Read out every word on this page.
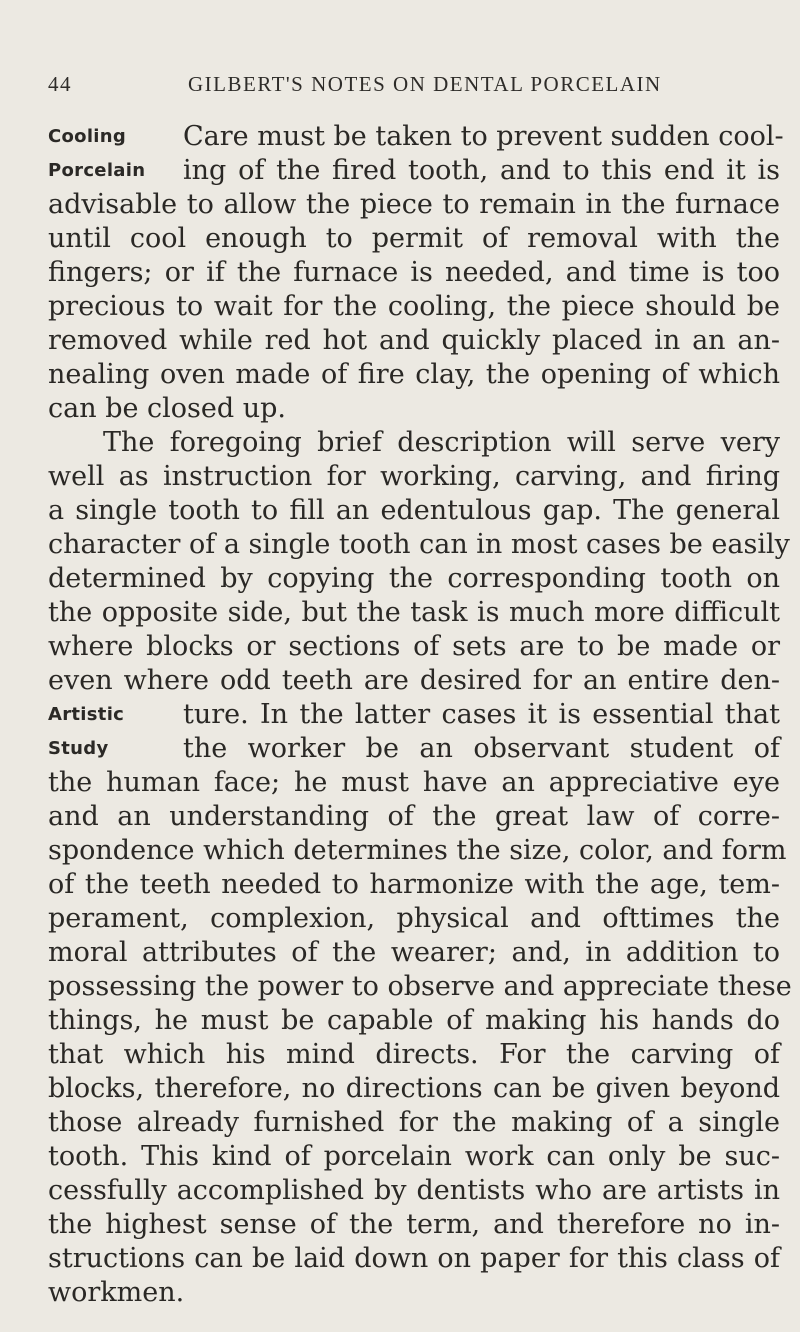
44	GILBERT'S NOTES ON DENTAL PORCELAIN
Cooling
Porcelain
Artistic
Study
Care must be taken to prevent sudden cool-
ing of the fired tooth, and to this end it is
advisable to allow the piece to remain in the furnace
until cool enough to permit of removal with the
fingers; or if the furnace is needed, and time is too
precious to wait for the cooling, the piece should be
removed while red hot and quickly placed in an an-
nealing oven made of fire clay, the opening of which
can be closed up.
The foregoing brief description will serve very
well as instruction for working, carving, and firing
a single tooth to fill an edentulous gap. The general
character of a single tooth can in most cases be easily
determined by copying the corresponding tooth on
the opposite side, but the task is much more difficult
where blocks or sections of sets are to be made or
even where odd teeth are desired for an entire den-
ture. In the latter cases it is essential that
the worker be an observant student of
the human face; he must have an appreciative eye
and an understanding of the great law of corre-
spondence which determines the size, color, and form
of the teeth needed to harmonize with the age, tem-
perament, complexion, physical and ofttimes the
moral attributes of the wearer; and, in addition to
possessing the power to observe and appreciate these
things, he must be capable of making his hands do
that which his mind directs. For the carving of
blocks, therefore, no directions can be given beyond
those already furnished for the making of a single
tooth. This kind of porcelain work can only be suc-
cessfully accomplished by dentists who are artists in
the highest sense of the term, and therefore no in-
structions can be laid down on paper for this class of
workmen.
